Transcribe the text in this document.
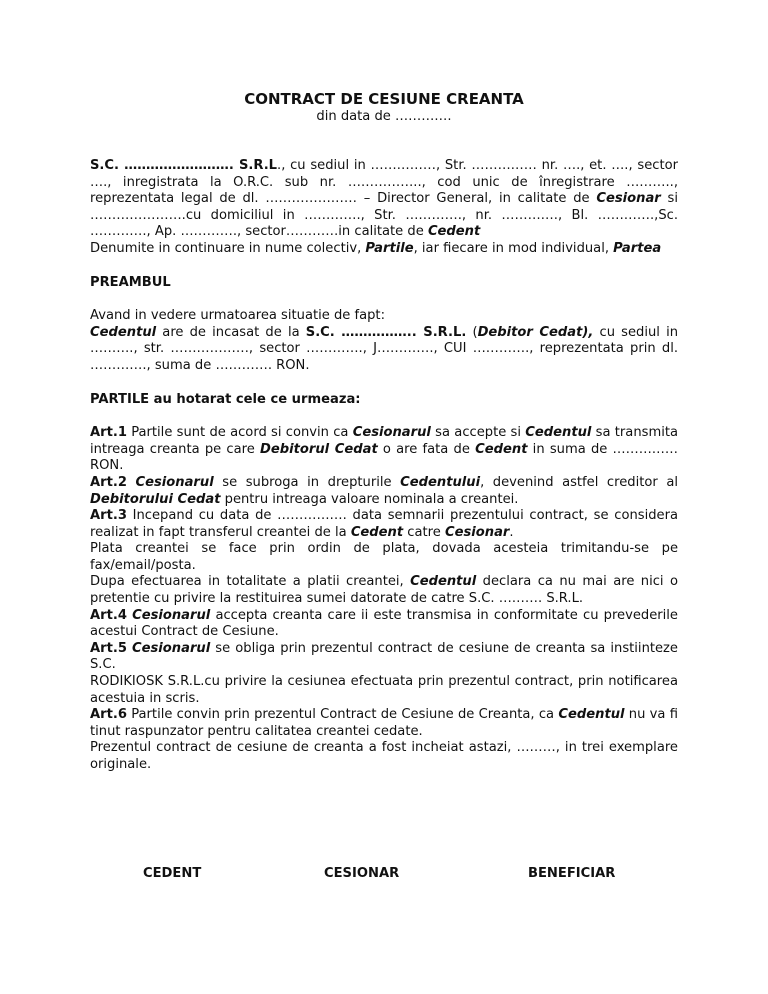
CONTRACT DE CESIUNE CREANTA

din data de ………….

S.C. ……………………. S.R.L., cu sediul in ……………, Str. …………… nr. …., et. …., sector …., inregistrata la O.R.C. sub nr. …………….., cod unic de înregistrare ……….., reprezentata legal de dl. ………………… – Director General, in calitate de Cesionar si ………………….cu domiciliul in …………., Str. …………., nr. …………., Bl. ………….,Sc. …………., Ap. …………., sector…………in calitate de Cedent

Denumite in continuare in nume colectiv, Partile, iar fiecare in mod individual, Partea

PREAMBUL

Avand in vedere urmatoarea situatie de fapt:

Cedentul are de incasat de la S.C. …………….. S.R.L. (Debitor Cedat), cu sediul in ………., str. ………………, sector …………., J…………., CUI …………., reprezentata prin dl. …………., suma de …………. RON.

PARTILE au hotarat cele ce urmeaza:

Art.1 Partile sunt de acord si convin ca Cesionarul sa accepte si Cedentul sa transmita intreaga creanta pe care Debitorul Cedat o are fata de Cedent in suma de ……………RON.

Art.2 Cesionarul se subroga in drepturile Cedentului, devenind astfel creditor al Debitorului Cedat pentru intreaga valoare nominala a creantei.

Art.3 Incepand cu data de ……………. data semnarii prezentului contract, se considera realizat in fapt transferul creantei de la Cedent catre Cesionar.

Plata creantei se face prin ordin de plata, dovada acesteia trimitandu-se pe fax/email/posta.

Dupa efectuarea in totalitate a platii creantei, Cedentul declara ca nu mai are nici o pretentie cu privire la restituirea sumei datorate de catre S.C. ………. S.R.L.

Art.4 Cesionarul accepta creanta care ii este transmisa in conformitate cu prevederile acestui Contract de Cesiune.

Art.5 Cesionarul se obliga prin prezentul contract de cesiune de creanta sa instiinteze S.C.

RODIKIOSK S.R.L.cu privire la cesiunea efectuata prin prezentul contract, prin notificarea acestuia in scris.

Art.6 Partile convin prin prezentul Contract de Cesiune de Creanta, ca Cedentul nu va fi tinut raspunzator pentru calitatea creantei cedate.

Prezentul contract de cesiune de creanta a fost incheiat astazi, ………, in trei exemplare originale.

CEDENT	CESIONAR	BENEFICIAR
